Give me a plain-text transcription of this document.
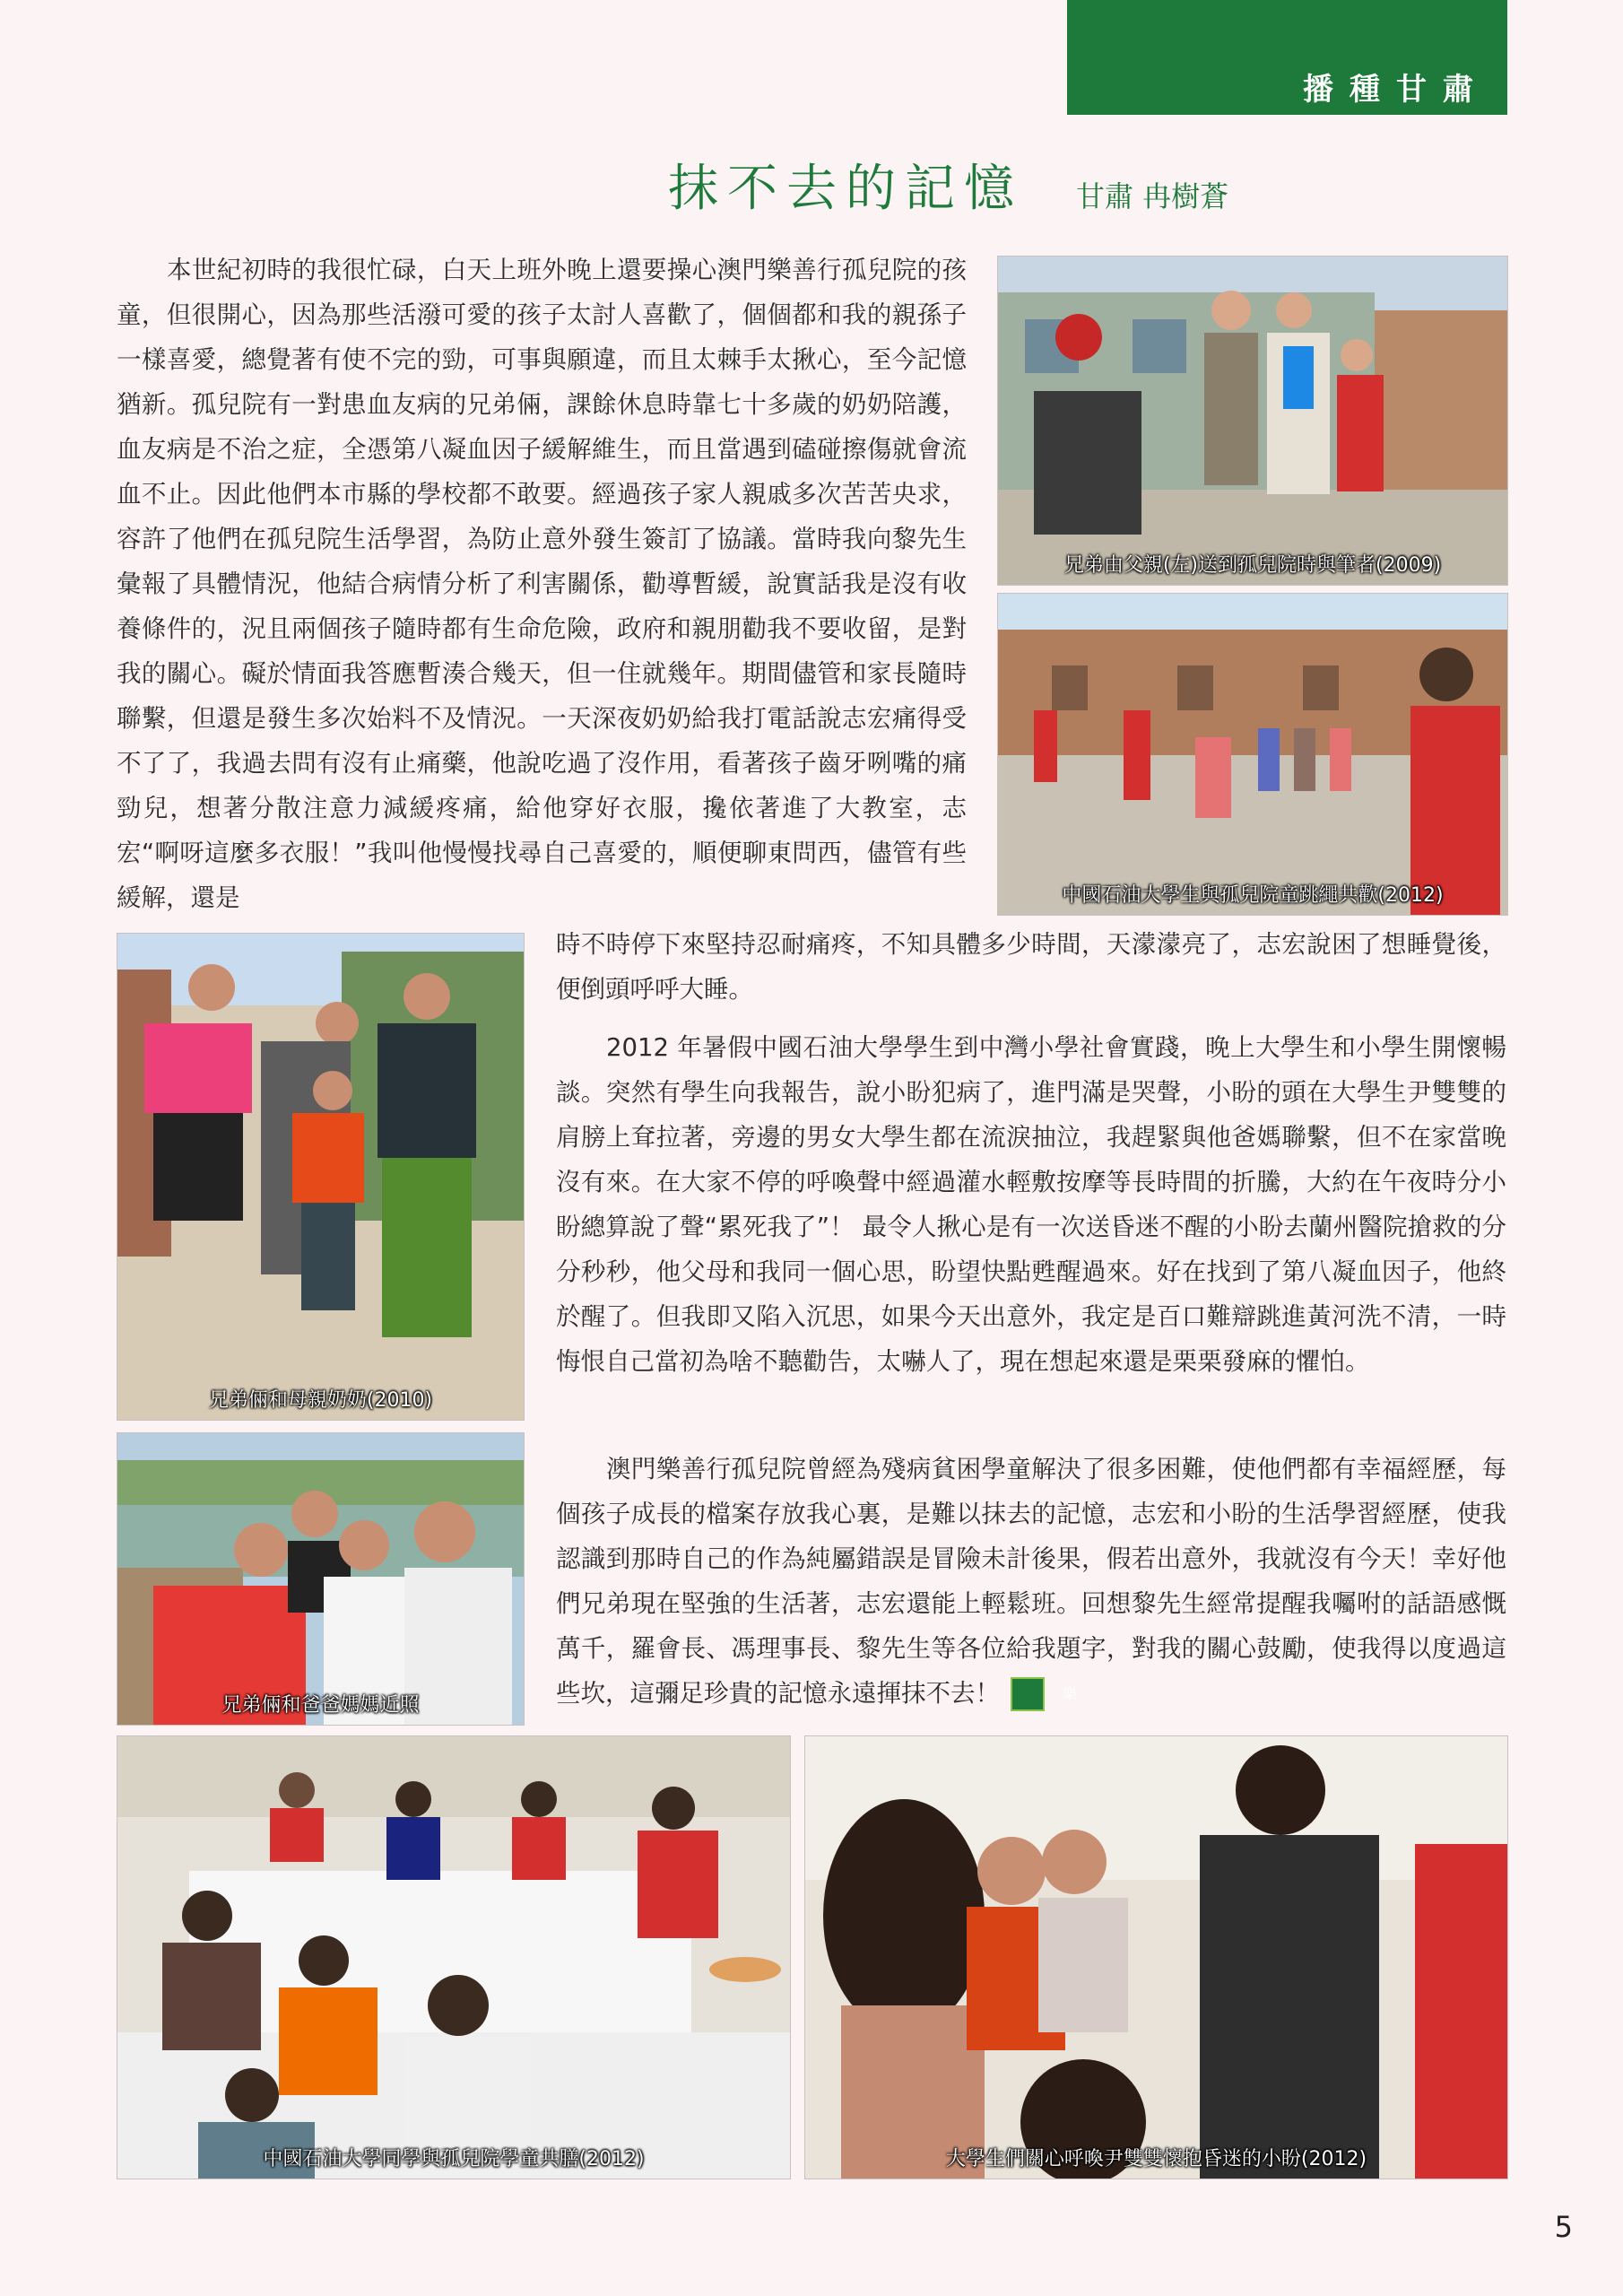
播種甘肅
抹不去的記憶 甘肅 冉樹蒼
本世紀初時的我很忙碌，白天上班外晚上還要操心澳門樂善行孤兒院的孩童，但很開心，因為那些活潑可愛的孩子太討人喜歡了，個個都和我的親孫子一樣喜愛，總覺著有使不完的勁，可事與願違，而且太棘手太揪心，至今記憶猶新。孤兒院有一對患血友病的兄弟倆，課餘休息時靠七十多歲的奶奶陪護，血友病是不治之症，全憑第八凝血因子緩解維生，而且當遇到磕碰擦傷就會流血不止。因此他們本市縣的學校都不敢要。經過孩子家人親戚多次苦苦央求，容許了他們在孤兒院生活學習，為防止意外發生簽訂了協議。當時我向黎先生彙報了具體情況，他結合病情分析了利害關係，勸導暫緩，說實話我是沒有收養條件的，況且兩個孩子隨時都有生命危險，政府和親朋勸我不要收留，是對我的關心。礙於情面我答應暫湊合幾天，但一住就幾年。期間儘管和家長隨時聯繫，但還是發生多次始料不及情況。一天深夜奶奶給我打電話說志宏痛得受不了了，我過去問有沒有止痛藥，他說吃過了沒作用，看著孩子齒牙咧嘴的痛勁兒，想著分散注意力減緩疼痛，給他穿好衣服，攙依著進了大教室，志宏“啊呀這麼多衣服！”我叫他慢慢找尋自己喜愛的，順便聊東問西，儘管有些緩解，還是
兄弟由父親(左)送到孤兒院時與筆者(2009)
中國石油大學生與孤兒院童跳繩共歡(2012)
時不時停下來堅持忍耐痛疼，不知具體多少時間，天濛濛亮了，志宏說困了想睡覺後，便倒頭呼呼大睡。
兄弟倆和母親奶奶(2010)
2012 年暑假中國石油大學學生到中灣小學社會實踐，晚上大學生和小學生開懷暢談。突然有學生向我報告，說小盼犯病了，進門滿是哭聲，小盼的頭在大學生尹雙雙的肩膀上耷拉著，旁邊的男女大學生都在流淚抽泣，我趕緊與他爸媽聯繫，但不在家當晚沒有來。在大家不停的呼喚聲中經過灌水輕敷按摩等長時間的折騰，大約在午夜時分小盼總算說了聲“累死我了”！ 最令人揪心是有一次送昏迷不醒的小盼去蘭州醫院搶救的分分秒秒，他父母和我同一個心思，盼望快點甦醒過來。好在找到了第八凝血因子，他終於醒了。但我即又陷入沉思，如果今天出意外，我定是百口難辯跳進黃河洗不清，一時悔恨自己當初為啥不聽勸告，太嚇人了，現在想起來還是栗栗發麻的懼怕。
兄弟倆和爸爸媽媽近照
澳門樂善行孤兒院曾經為殘病貧困學童解決了很多困難，使他們都有幸福經歷，每個孩子成長的檔案存放我心裏，是難以抹去的記憶，志宏和小盼的生活學習經歷，使我認識到那時自己的作為純屬錯誤是冒險未計後果，假若出意外，我就沒有今天！幸好他們兄弟現在堅強的生活著，志宏還能上輕鬆班。回想黎先生經常提醒我囑咐的話語感慨萬千，羅會長、馮理事長、黎先生等各位給我題字，對我的關心鼓勵，使我得以度過這些坎，這彌足珍貴的記憶永遠揮抹不去！	樂
中國石油大學同學與孤兒院學童共膳(2012)	大學生們關心呼喚尹雙雙懷抱昏迷的小盼(2012)
5
